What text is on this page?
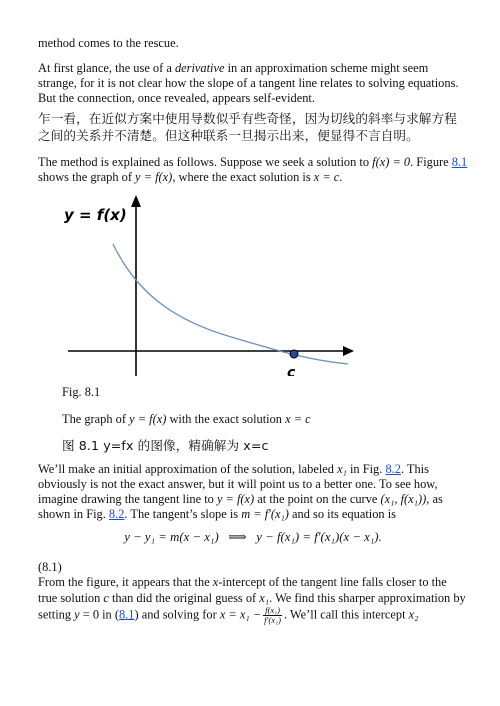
method comes to the rescue.

At first glance, the use of a derivative in an approximation scheme might seem strange, for it is not clear how the slope of a tangent line relates to solving equations. But the connection, once revealed, appears self-evident.

乍一看，在近似方案中使用导数似乎有些奇怪，因为切线的斜率与求解方程之间的关系并不清楚。但这种联系一旦揭示出来，便显得不言自明。

The method is explained as follows. Suppose we seek a solution to f(x) = 0. Figure 8.1 shows the graph of y = f(x), where the exact solution is x = c.

y = f(x)
c

Fig. 8.1

The graph of y = f(x) with the exact solution x = c

图 8.1 y=fx 的图像，精确解为 x=c

We’ll make an initial approximation of the solution, labeled x₁ in Fig. 8.2. This obviously is not the exact answer, but it will point us to a better one. To see how, imagine drawing the tangent line to y = f(x) at the point on the curve (x₁, f(x₁)), as shown in Fig. 8.2. The tangent’s slope is m = f′(x₁) and so its equation is

y − y₁ = m(x − x₁)   ⟹   y − f(x₁) = f′(x₁)(x − x₁).

(8.1)

From the figure, it appears that the x-intercept of the tangent line falls closer to the true solution c than did the original guess of x₁. We find this sharper approximation by setting y = 0 in (8.1) and solving for $x = x_1 - \frac{\text{f(x₁)}}{\text{f′(x₁)}}$ . We’ll call this intercept x₂
